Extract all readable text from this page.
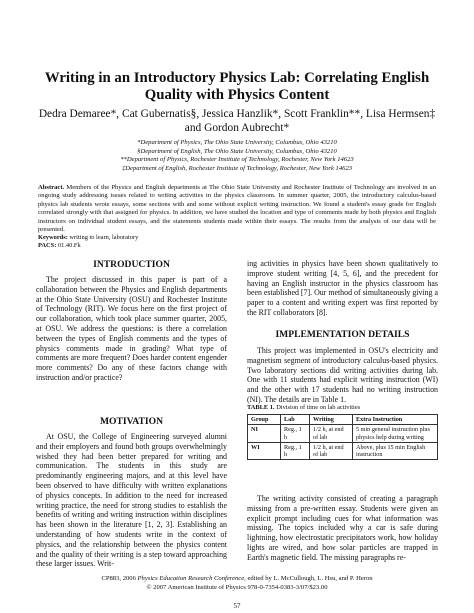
Writing in an Introductory Physics Lab: Correlating English Quality with Physics Content
Dedra Demaree*, Cat Gubernatis§, Jessica Hanzlik*, Scott Franklin**, Lisa Hermsen‡ and Gordon Aubrecht*
*Department of Physics, The Ohio State University, Columbus, Ohio 43210
§Department of English, The Ohio State University, Columbus, Ohio 43210
**Department of Physics, Rochester Institute of Technology, Rochester, New York 14623
‡Department of English, Rochester Institute of Technology, Rochester, New York 14623
Abstract. Members of the Physics and English departments at The Ohio State University and Rochester Institute of Technology are involved in an ongoing study addressing issues related to writing activities in the physics classroom. In summer quarter, 2005, the introductory calculus-based physics lab students wrote essays, some sections with and some without explicit writing instruction. We found a student's essay grade for English correlated strongly with that assigned for physics. In addition, we have studied the location and type of comments made by both physics and English instructors on individual student essays, and the statements students made within their essays. The results from the analysis of our data will be presented.
Keywords: writing to learn, laboratory
PACS: 01.40.Fk
INTRODUCTION

The project discussed in this paper is part of a collaboration between the Physics and English departments at the Ohio State University (OSU) and Rochester Institute of Technology (RIT). We focus here on the first project of our collaboration, which took place summer quarter, 2005, at OSU. We address the questions: is there a correlation between the types of English comments and the types of physics comments made in grading? What type of comments are more frequent? Does harder content engender more comments? Do any of these factors change with instruction and/or practice?

MOTIVATION

At OSU, the College of Engineering surveyed alumni and their employers and found both groups overwhelmingly wished they had been better prepared for writing and communication. The students in this study are predominantly engineering majors, and at this level have been observed to have difficulty with written explanations of physics concepts. In addition to the need for increased writing practice, the need for strong studies to establish the benefits of writing and writing instruction within disciplines has been shown in the literature [1, 2, 3]. Establishing an understanding of how students write in the context of physics, and the relationship between the physics content and the quality of their writing is a step toward approaching these larger issues. Writ-

ing activities in physics have been shown qualitatively to improve student writing [4, 5, 6], and the precedent for having an English instructor in the physics classroom has been established [7]. Our method of simultaneously giving a paper to a content and writing expert was first reported by the RIT collaborators [8].

IMPLEMENTATION DETAILS

This project was implemented in OSU's electricity and magnetism segment of introductory calculus-based physics. Two laboratory sections did writing activities during lab. One with 11 students had explicit writing instruction (WI) and the other with 17 students had no writing instruction (NI). The details are in Table 1.

TABLE 1. Division of time on lab activities
Group	Lab	Writing	Extra Instruction
NI	Reg., 1 h	1/2 h, at end of lab	5 min general instruction plus physics help during writing
WI	Reg., 1 h	1/2 h, at end of lab	Above, plus 15 min English instruction

The writing activity consisted of creating a paragraph missing from a pre-written essay. Students were given an explicit prompt including cues for what information was missing. The topics included why a car is safe during lightning, how electrostatic precipitators work, how holiday lights are wired, and how solar particles are trapped in Earth's magnetic field. The missing paragraphs re-

CP883, 2006 Physics Education Research Conference, edited by L. McCullough, L. Hsu, and P. Heron
© 2007 American Institute of Physics 978-0-7354-0383-3/07/$23.00
57
